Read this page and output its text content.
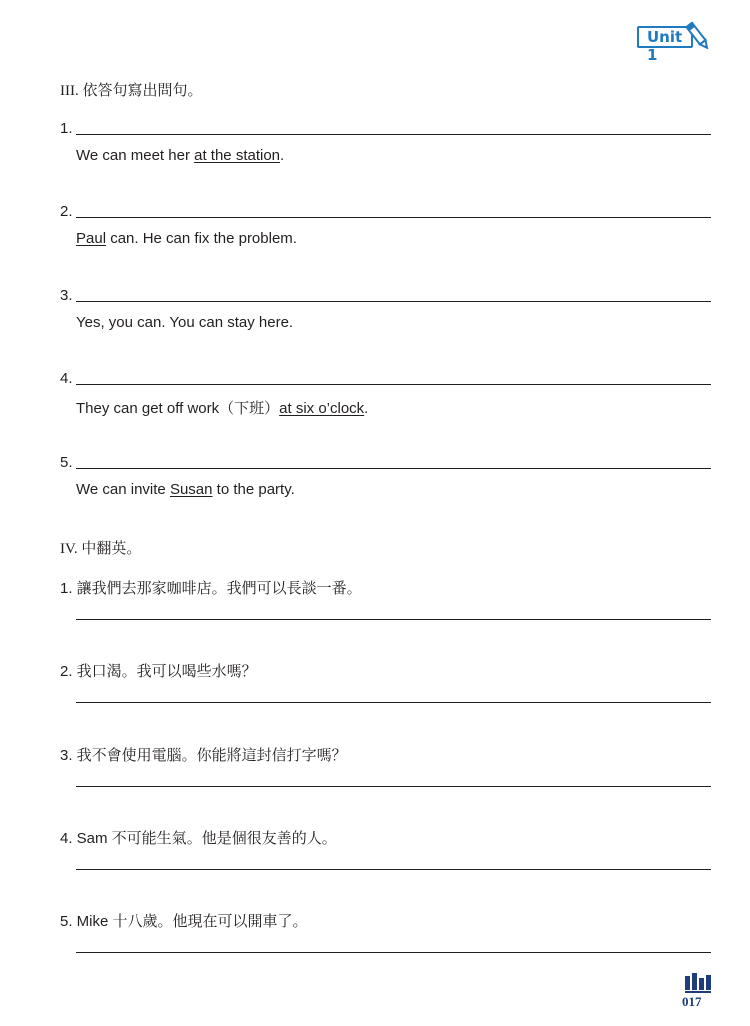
Unit 1
III. 依答句寫出問句。
1.
We can meet her at the station.
2.
Paul can. He can fix the problem.
3.
Yes, you can. You can stay here.
4.
They can get off work（下班）at six o’clock.
5.
We can invite Susan to the party.
IV. 中翻英。
1. 讓我們去那家咖啡店。我們可以長談一番。
2. 我口渴。我可以喝些水嗎？
3. 我不會使用電腦。你能將這封信打字嗎？
4. Sam 不可能生氣。他是個很友善的人。
5. Mike 十八歲。他現在可以開車了。
017
